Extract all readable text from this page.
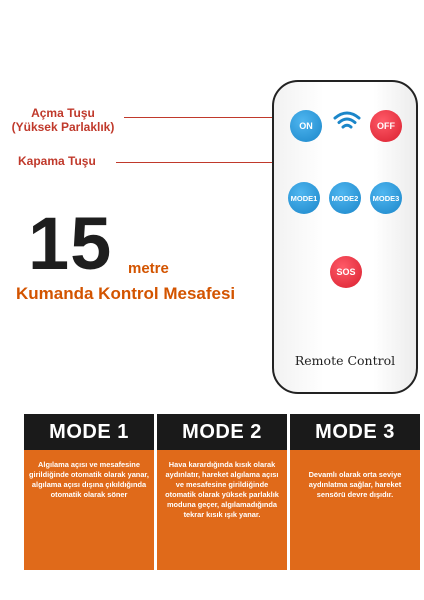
Açma Tuşu
(Yüksek Parlaklık)
Kapama Tuşu
15 metre
Kumanda Kontrol Mesafesi
ON	OFF
MODE1 MODE2 MODE3
SOS
Remote Control
MODE 1
Algılama açısı ve mesafesine girildiğinde otomatik olarak yanar, algılama açısı dışına çıkıldığında otomatik olarak söner
MODE 2
Hava karardığında kısık olarak aydınlatır, hareket algılama açısı ve mesafesine girildiğinde otomatik olarak yüksek parlaklık moduna geçer, algılamadığında tekrar kısık ışık yanar.
MODE 3
Devamlı olarak orta seviye aydınlatma sağlar, hareket sensörü devre dışıdır.
